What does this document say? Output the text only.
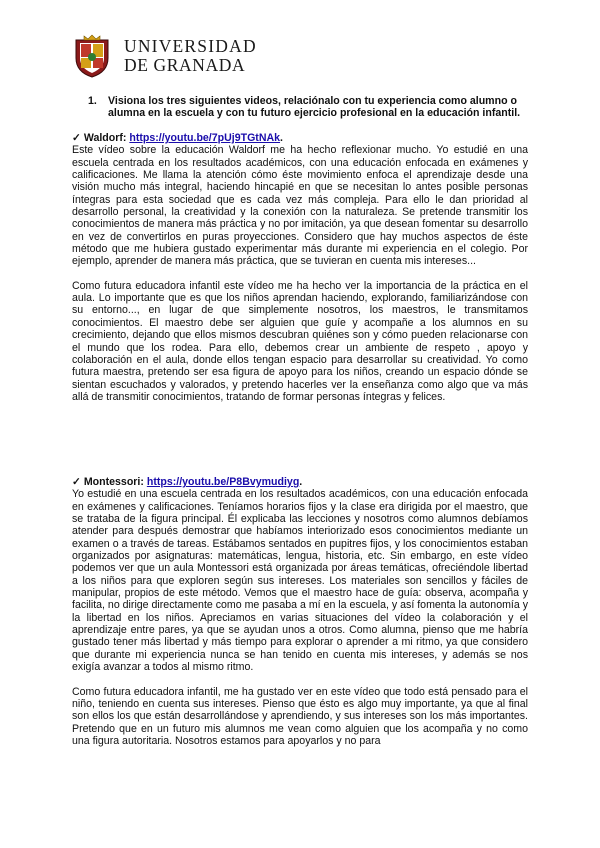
UNIVERSIDAD
DE GRANADA
1. Visiona los tres siguientes videos, relaciónalo con tu experiencia como alumno o alumna en la escuela y con tu futuro ejercicio profesional en la educación infantil.
✓ Waldorf: https://youtu.be/7pUj9TGtNAk.

Este vídeo sobre la educación Waldorf me ha hecho reflexionar mucho. Yo estudié en una escuela centrada en los resultados académicos, con una educación enfocada en exámenes y calificaciones. Me llama la atención cómo éste movimiento enfoca el aprendizaje desde una visión mucho más integral, haciendo hincapié en que se necesitan lo antes posible personas íntegras para esta sociedad que es cada vez más compleja. Para ello le dan prioridad al desarrollo personal, la creatividad y la conexión con la naturaleza. Se pretende transmitir los conocimientos de manera más práctica y no por imitación, ya que desean fomentar su desarrollo en vez de convertirlos en puras proyecciones. Considero que hay muchos aspectos de éste método que me hubiera gustado experimentar más durante mi experiencia en el colegio. Por ejemplo, aprender de manera más práctica, que se tuvieran en cuenta mis intereses...

Como futura educadora infantil este vídeo me ha hecho ver la importancia de la práctica en el aula. Lo importante que es que los niños aprendan haciendo, explorando, familiarizándose con su entorno..., en lugar de que simplemente nosotros, los maestros, le transmitamos conocimientos. El maestro debe ser alguien que guíe y acompañe a los alumnos en su crecimiento, dejando que ellos mismos descubran quiénes son y cómo pueden relacionarse con el mundo que los rodea. Para ello, debemos crear un ambiente de respeto , apoyo y colaboración en el aula, donde ellos tengan espacio para desarrollar su creatividad. Yo como futura maestra, pretendo ser esa figura de apoyo para los niños, creando un espacio dónde se sientan escuchados y valorados, y pretendo hacerles ver la enseñanza como algo que va más allá de transmitir conocimientos, tratando de formar personas íntegras y felices.

✓ Montessori: https://youtu.be/P8Bvymudiyg.

Yo estudié en una escuela centrada en los resultados académicos, con una educación enfocada en exámenes y calificaciones. Teníamos horarios fijos y la clase era dirigida por el maestro, que se trataba de la figura principal. Él explicaba las lecciones y nosotros como alumnos debíamos atender para después demostrar que habíamos interiorizado esos conocimientos mediante un examen o a través de tareas. Estábamos sentados en pupitres fijos, y los conocimientos estaban organizados por asignaturas: matemáticas, lengua, historia, etc. Sin embargo, en este vídeo podemos ver que un aula Montessori está organizada por áreas temáticas, ofreciéndole libertad a los niños para que exploren según sus intereses. Los materiales son sencillos y fáciles de manipular, propios de este método. Vemos que el maestro hace de guía: observa, acompaña y facilita, no dirige directamente como me pasaba a mí en la escuela, y así fomenta la autonomía y la libertad en los niños. Apreciamos en varias situaciones del vídeo la colaboración y el aprendizaje entre pares, ya que se ayudan unos a otros. Como alumna, pienso que me habría gustado tener más libertad y más tiempo para explorar o aprender a mi ritmo, ya que considero que durante mi experiencia nunca se han tenido en cuenta mis intereses, y además se nos exigía avanzar a todos al mismo ritmo.

Como futura educadora infantil, me ha gustado ver en este vídeo que todo está pensado para el niño, teniendo en cuenta sus intereses. Pienso que ésto es algo muy importante, ya que al final son ellos los que están desarrollándose y aprendiendo, y sus intereses son los más importantes. Pretendo que en un futuro mis alumnos me vean como alguien que los acompaña y no como una figura autoritaria. Nosotros estamos para apoyarlos y no para
